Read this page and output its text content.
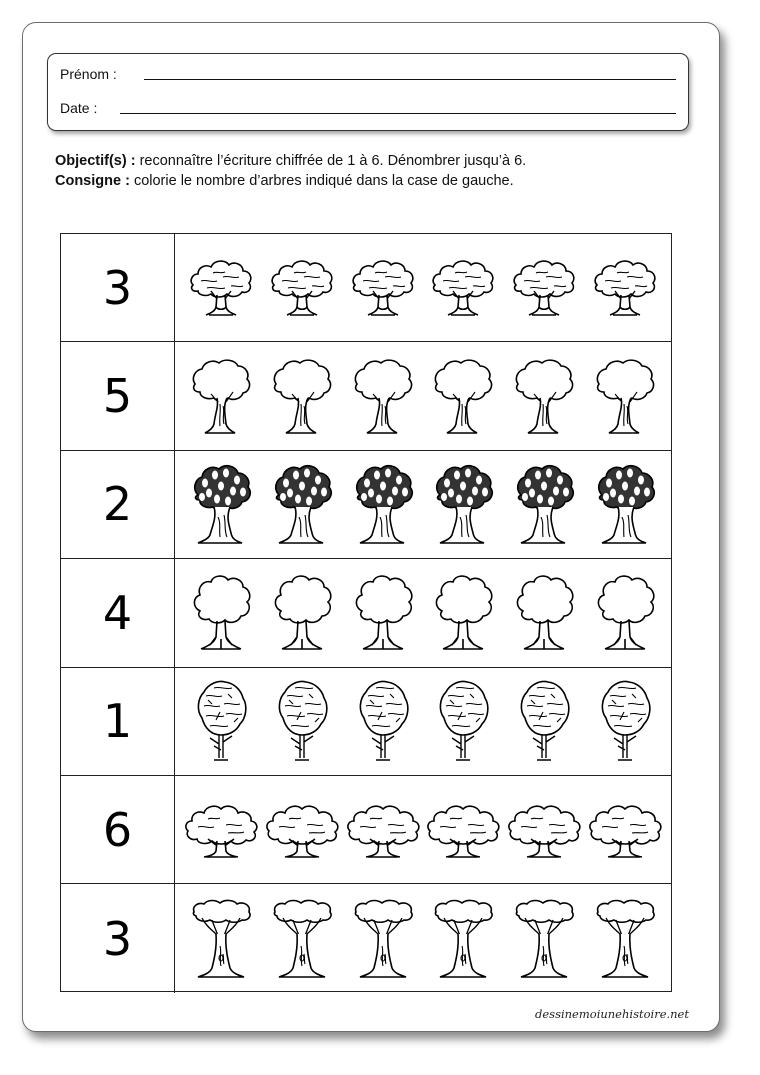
Prénom :
Date :
Objectif(s) : reconnaître l’écriture chiffrée de 1 à 6. Dénombrer jusqu’à 6.
Consigne : colorie le nombre d’arbres indiqué dans la case de gauche.
3
5
2
4
1
6
3
dessinemoiunehistoire.net
